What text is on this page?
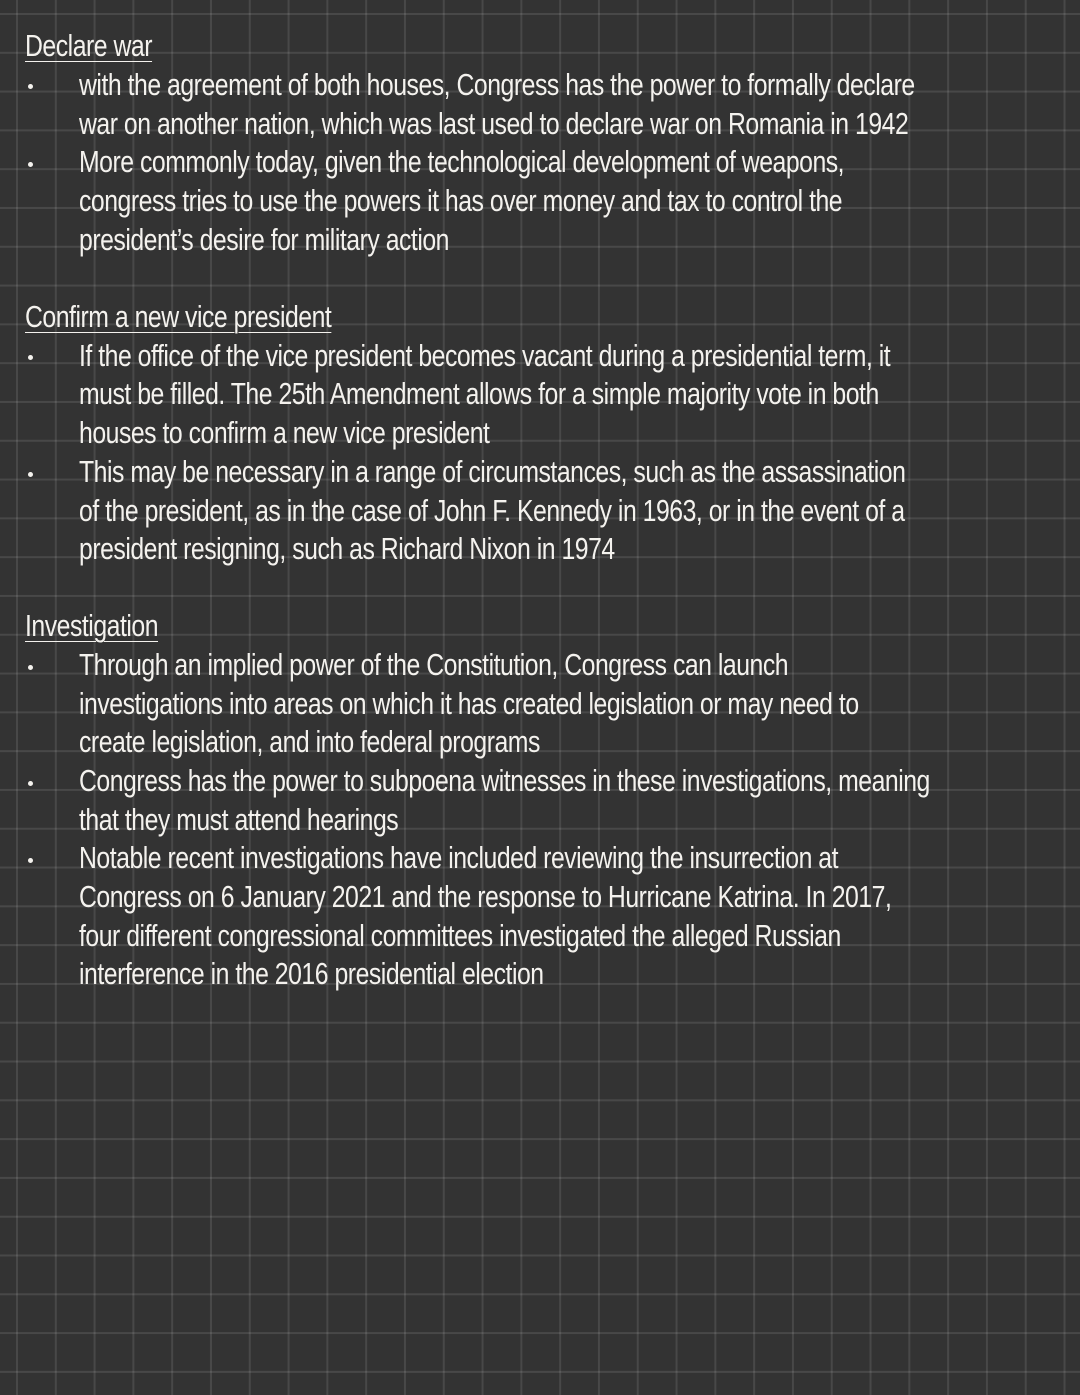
Declare war
with the agreement of both houses, Congress has the power to formally declare
war on another nation, which was last used to declare war on Romania in 1942
More commonly today, given the technological development of weapons,
congress tries to use the powers it has over money and tax to control the
president’s desire for military action
Confirm a new vice president
If the office of the vice president becomes vacant during a presidential term, it
must be filled. The 25th Amendment allows for a simple majority vote in both
houses to confirm a new vice president
This may be necessary in a range of circumstances, such as the assassination
of the president, as in the case of John F. Kennedy in 1963, or in the event of a
president resigning, such as Richard Nixon in 1974
Investigation
Through an implied power of the Constitution, Congress can launch
investigations into areas on which it has created legislation or may need to
create legislation, and into federal programs
Congress has the power to subpoena witnesses in these investigations, meaning
that they must attend hearings
Notable recent investigations have included reviewing the insurrection at
Congress on 6 January 2021 and the response to Hurricane Katrina. In 2017,
four different congressional committees investigated the alleged Russian
interference in the 2016 presidential election
